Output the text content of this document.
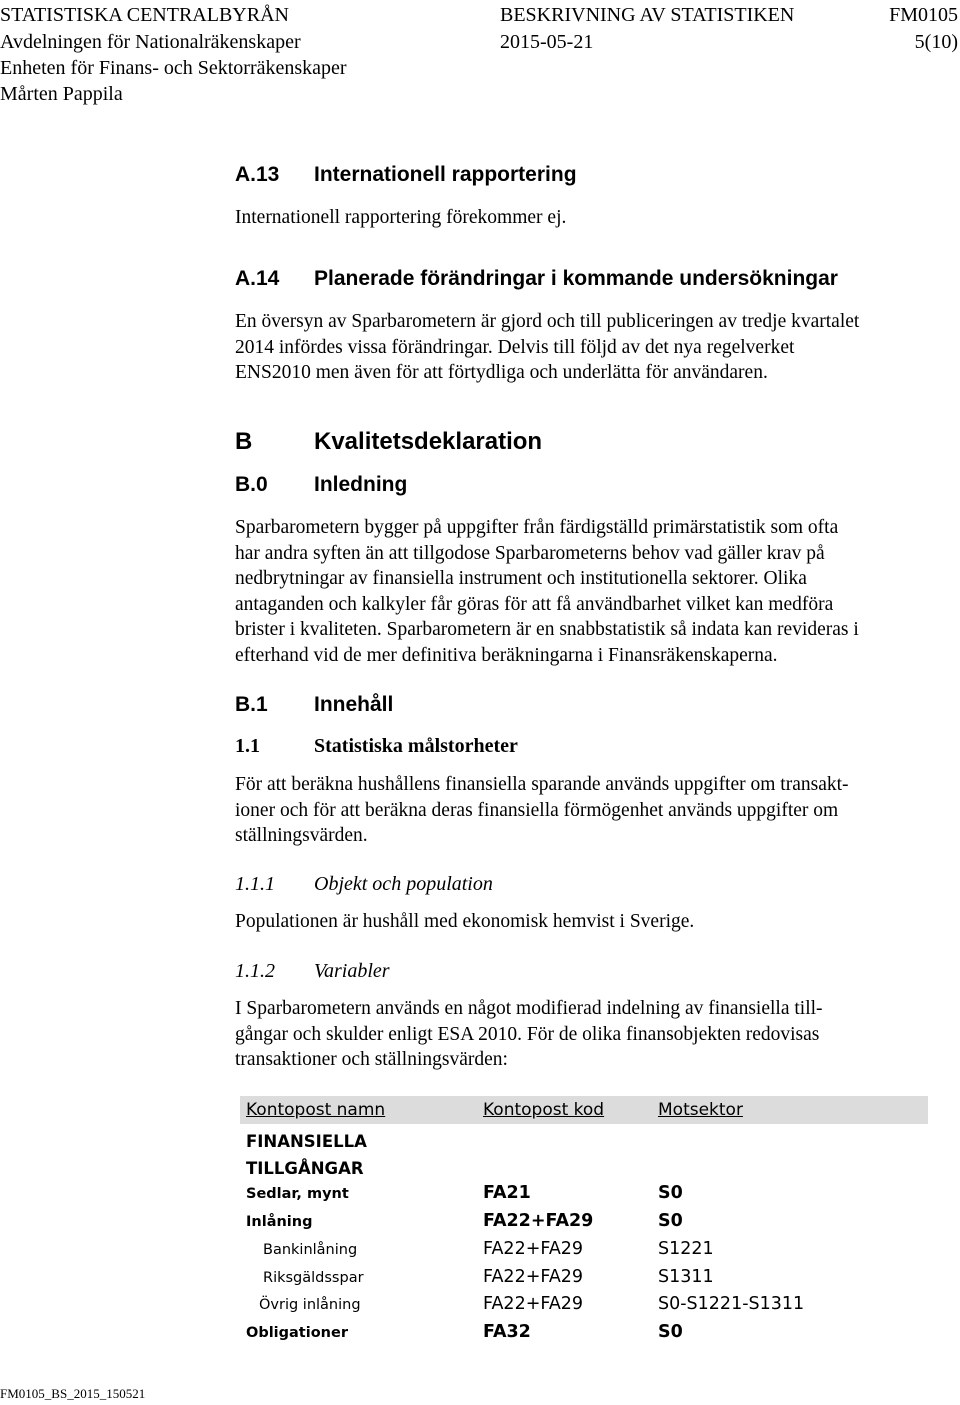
STATISTISKA CENTRALBYRÅN
Avdelningen för Nationalräkenskaper
Enheten för Finans- och Sektorräkenskaper
Mårten Pappila
BESKRIVNING AV STATISTIKEN
2015-05-21
FM0105
5(10)
A.13 Internationell rapportering
Internationell rapportering förekommer ej.
A.14 Planerade förändringar i kommande undersökningar
En översyn av Sparbarometern är gjord och till publiceringen av tredje kvartalet
2014 infördes vissa förändringar. Delvis till följd av det nya regelverket
ENS2010 men även för att förtydliga och underlätta för användaren.
B	Kvalitetsdeklaration
B.0 Inledning
Sparbarometern bygger på uppgifter från färdigställd primärstatistik som ofta
har andra syften än att tillgodose Sparbarometerns behov vad gäller krav på
nedbrytningar av finansiella instrument och institutionella sektorer. Olika
antaganden och kalkyler får göras för att få användbarhet vilket kan medföra
brister i kvaliteten. Sparbarometern är en snabbstatistik så indata kan revideras i
efterhand vid de mer definitiva beräkningarna i Finansräkenskaperna.
B.1 Innehåll
1.1	Statistiska målstorheter
För att beräkna hushållens finansiella sparande används uppgifter om transakt-
ioner och för att beräkna deras finansiella förmögenhet används uppgifter om
ställningsvärden.
1.1.1 Objekt och population
Populationen är hushåll med ekonomisk hemvist i Sverige.
1.1.2 Variabler
I Sparbarometern används en något modifierad indelning av finansiella till-
gångar och skulder enligt ESA 2010. För de olika finansobjekten redovisas
transaktioner och ställningsvärden:
Kontopost namn	Kontopost kod	Motsektor
FINANSIELLA
TILLGÅNGAR
Sedlar, mynt	FA21	S0
Inlåning	FA22+FA29	S0
Bankinlåning	FA22+FA29	S1221
Riksgäldsspar	FA22+FA29	S1311
Övrig inlåning	FA22+FA29	S0-S1221-S1311
Obligationer	FA32	S0
FM0105_BS_2015_150521
